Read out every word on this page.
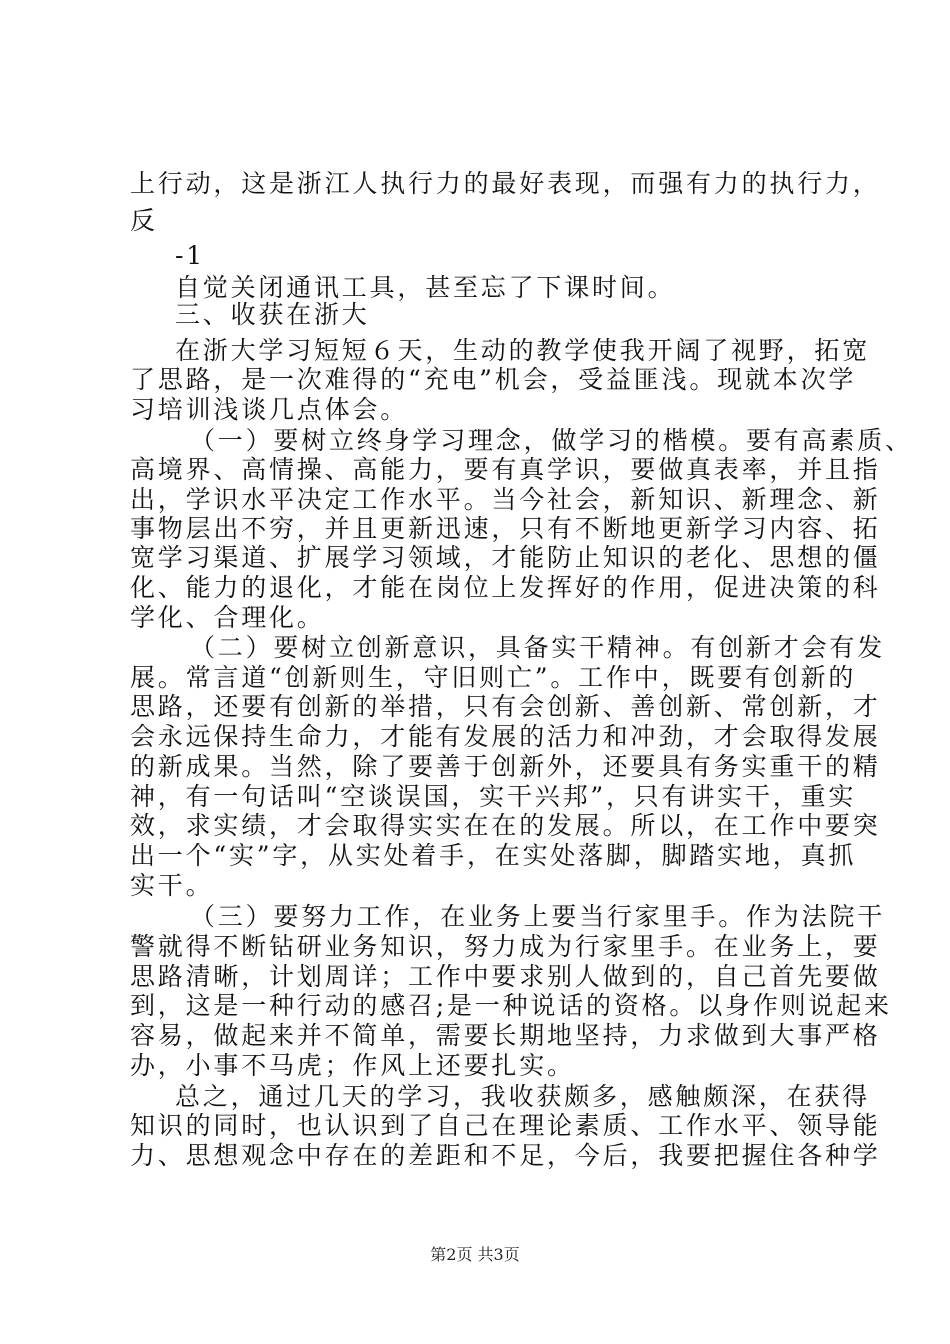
上行动，这是浙江人执行力的最好表现，而强有力的执行力，
反
-1
自觉关闭通讯工具，甚至忘了下课时间。
三、收获在浙大
在浙大学习短短６天，生动的教学使我开阔了视野，拓宽
了思路，是一次难得的“充电”机会，受益匪浅。现就本次学
习培训浅谈几点体会。
（一）要树立终身学习理念，做学习的楷模。要有高素质、
高境界、高情操、高能力，要有真学识，要做真表率，并且指
出，学识水平决定工作水平。当今社会，新知识、新理念、新
事物层出不穷，并且更新迅速，只有不断地更新学习内容、拓
宽学习渠道、扩展学习领域，才能防止知识的老化、思想的僵
化、能力的退化，才能在岗位上发挥好的作用，促进决策的科
学化、合理化。
（二）要树立创新意识，具备实干精神。有创新才会有发
展。常言道“创新则生，守旧则亡”。工作中，既要有创新的
思路，还要有创新的举措，只有会创新、善创新、常创新，才
会永远保持生命力，才能有发展的活力和冲劲，才会取得发展
的新成果。当然，除了要善于创新外，还要具有务实重干的精
神，有一句话叫“空谈误国，实干兴邦”，只有讲实干，重实
效，求实绩，才会取得实实在在的发展。所以，在工作中要突
出一个“实”字，从实处着手，在实处落脚，脚踏实地，真抓
实干。
（三）要努力工作，在业务上要当行家里手。作为法院干
警就得不断钻研业务知识，努力成为行家里手。在业务上，要
思路清晰，计划周详；工作中要求别人做到的，自己首先要做
到，这是一种行动的感召;是一种说话的资格。以身作则说起来
容易，做起来并不简单，需要长期地坚持，力求做到大事严格
办，小事不马虎；作风上还要扎实。
总之，通过几天的学习，我收获颇多，感触颇深，在获得
知识的同时，也认识到了自己在理论素质、工作水平、领导能
力、思想观念中存在的差距和不足，今后，我要把握住各种学
第2页 共3页
